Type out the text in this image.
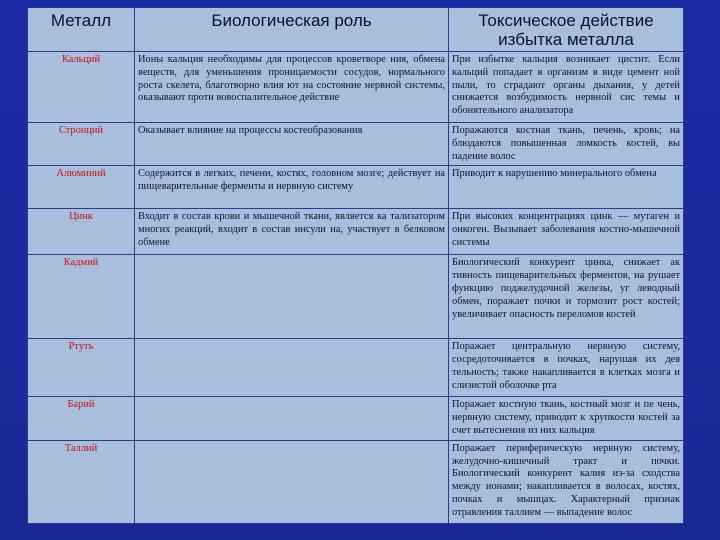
Металл	Биологическая роль	Токсическое действие избытка металла
Кальций	Ионы кальция необходимы для процессов кроветворе ния, обмена веществ, для уменьшения проницаемости сосудов, нормального роста скелета, благотворно влия ют на состояние нервной системы, оказывают проти вовоспалительное действие	При избытке кальция возникает цистит. Если кальций попадает в организм в виде цемент ной пыли, то страдают органы дыхания, у детей снижается возбудимость нервной сис темы и обонятельного анализатора
Стронций	Оказывает влияние на процессы костеобразования	Поражаются костная ткань, печень, кровь; на блюдаются повышенная ломкость костей, вы падение волос
Алюминий	Содержится в легких, печени, костях, головном мозге; действует на пищеварительные ферменты и нервную систему	Приводит к нарушению минерального обмена
Цинк	Входит в состав крови и мышечной ткани, является ка тализатором многих реакций, входит в состав инсули на, участвует в белковом обмене	При высоких концентрациях цинк — мутаген и онкоген. Вызывает заболевания костно-мышечной системы
Кадмий		Биологический конкурент цинка, снижает ак тивность пищеварительных ферментов, на рушает функцию поджелудочной железы, уг леводный обмен, поражает почки и тормозит рост костей; увеличивает опасность переломов костей
Ртуть		Поражает центральную нервную систему, сосредоточивается в почках, нарушая их дея тельность; также накапливается в клетках мозга и слизистой оболочке рта
Барий		Поражает костную ткань, костный мозг и пе чень, нервную систему, приводит к хрупкости костей за счет вытеснения из них кальция
Таллий		Поражает периферическую нервную систему, желудочно-кишечный тракт и почки. Биологический конкурент калия из-за сходства между ионами; накапливается в волосах, костях, почках и мышцах. Характерный признак отравления таллием — выпадение волос
